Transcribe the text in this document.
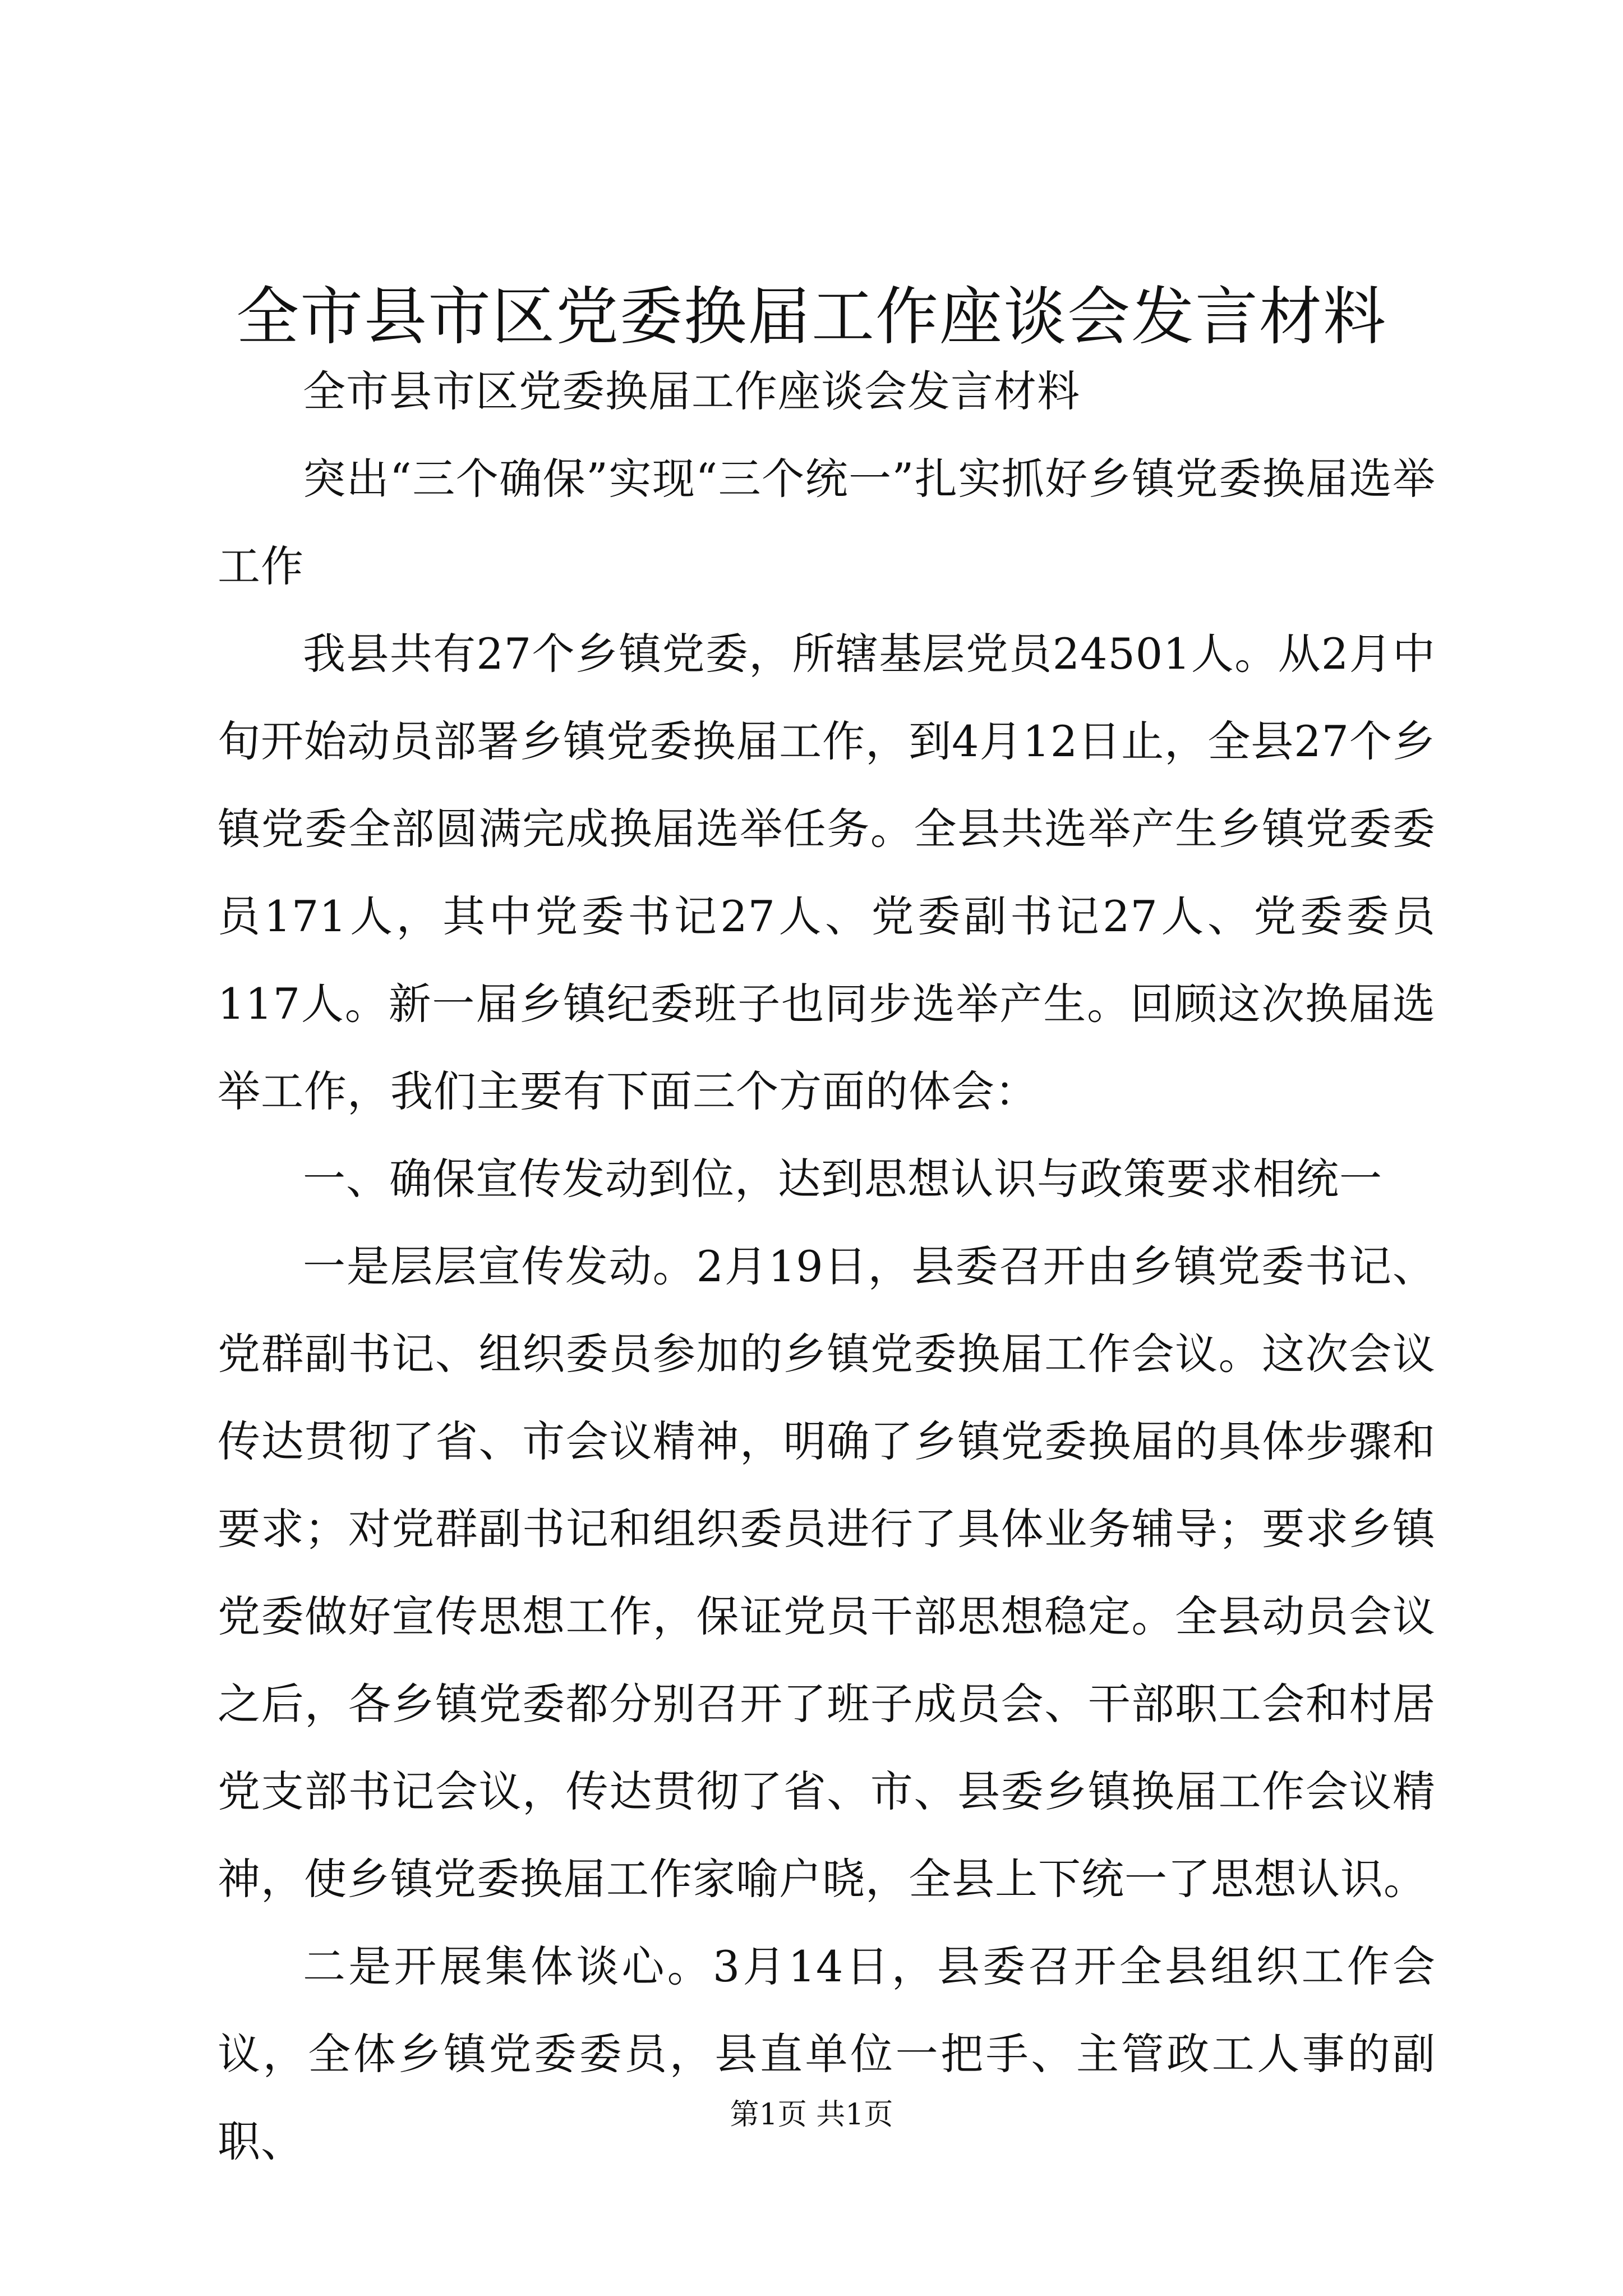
全市县市区党委换届工作座谈会发言材料

全市县市区党委换届工作座谈会发言材料

突出“三个确保”实现“三个统一”扎实抓好乡镇党委换届选举工作

我县共有27个乡镇党委，所辖基层党员24501人。从2月中旬开始动员部署乡镇党委换届工作，到4月12日止，全县27个乡镇党委全部圆满完成换届选举任务。全县共选举产生乡镇党委委员171人，其中党委书记27人、党委副书记27人、党委委员117人。新一届乡镇纪委班子也同步选举产生。回顾这次换届选举工作，我们主要有下面三个方面的体会：

一、确保宣传发动到位，达到思想认识与政策要求相统一

一是层层宣传发动。2月19日，县委召开由乡镇党委书记、党群副书记、组织委员参加的乡镇党委换届工作会议。这次会议传达贯彻了省、市会议精神，明确了乡镇党委换届的具体步骤和要求；对党群副书记和组织委员进行了具体业务辅导；要求乡镇党委做好宣传思想工作，保证党员干部思想稳定。全县动员会议之后，各乡镇党委都分别召开了班子成员会、干部职工会和村居党支部书记会议，传达贯彻了省、市、县委乡镇换届工作会议精神，使乡镇党委换届工作家喻户晓，全县上下统一了思想认识。

二是开展集体谈心。3月14日，县委召开全县组织工作会议，全体乡镇党委委员，县直单位一把手、主管政工人事的副职、

第1页 共1页
